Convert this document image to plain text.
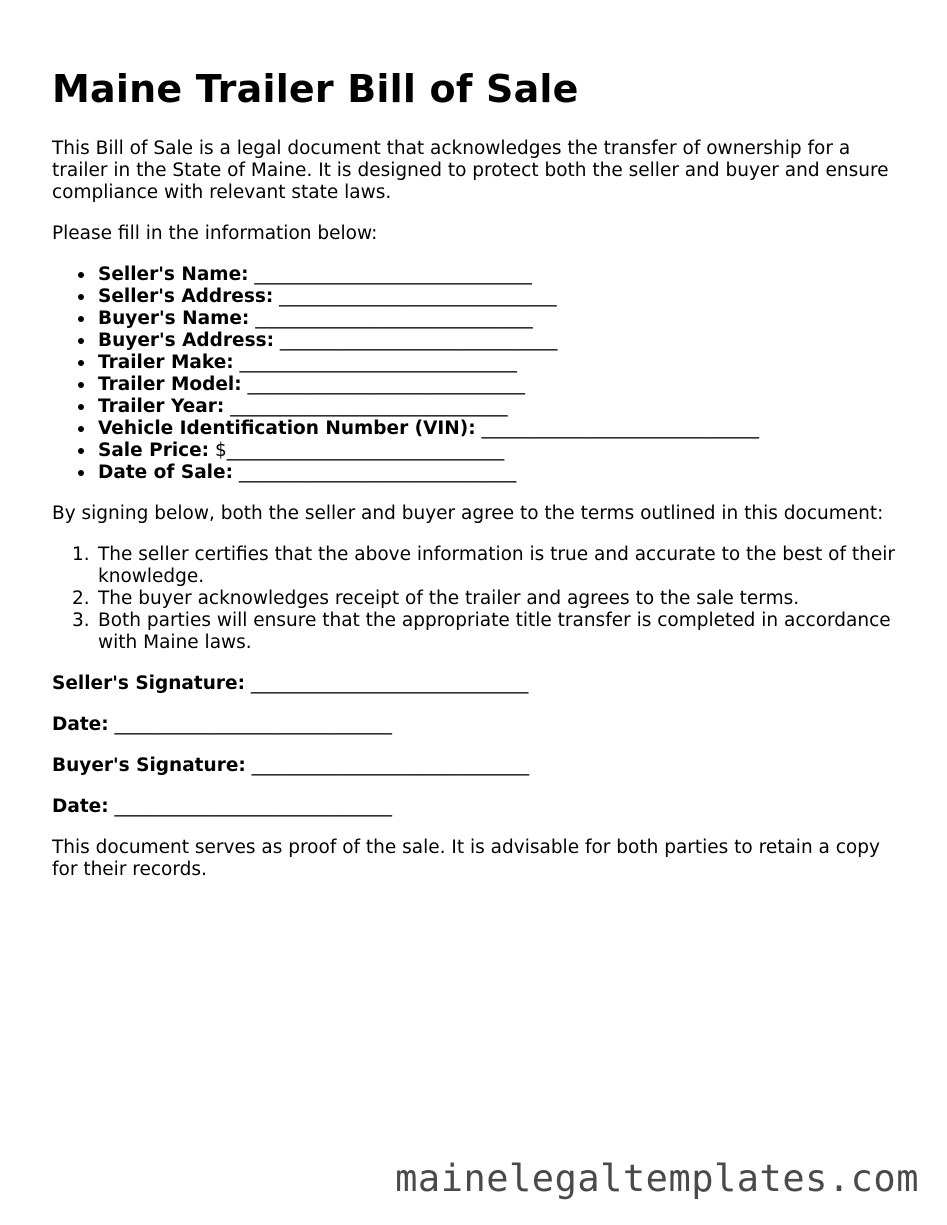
Maine Trailer Bill of Sale

This Bill of Sale is a legal document that acknowledges the transfer of ownership for a trailer in the State of Maine. It is designed to protect both the seller and buyer and ensure compliance with relevant state laws.

Please fill in the information below:

Seller's Name: ______________________________
Seller's Address: ______________________________
Buyer's Name: ______________________________
Buyer's Address: ______________________________
Trailer Make: ______________________________
Trailer Model: ______________________________
Trailer Year: ______________________________
Vehicle Identification Number (VIN): ______________________________
Sale Price: $______________________________
Date of Sale: ______________________________

By signing below, both the seller and buyer agree to the terms outlined in this document:

1. The seller certifies that the above information is true and accurate to the best of their knowledge.
2. The buyer acknowledges receipt of the trailer and agrees to the sale terms.
3. Both parties will ensure that the appropriate title transfer is completed in accordance with Maine laws.

Seller's Signature: ______________________________

Date: ______________________________

Buyer's Signature: ______________________________

Date: ______________________________

This document serves as proof of the sale. It is advisable for both parties to retain a copy for their records.

mainelegaltemplates.com
